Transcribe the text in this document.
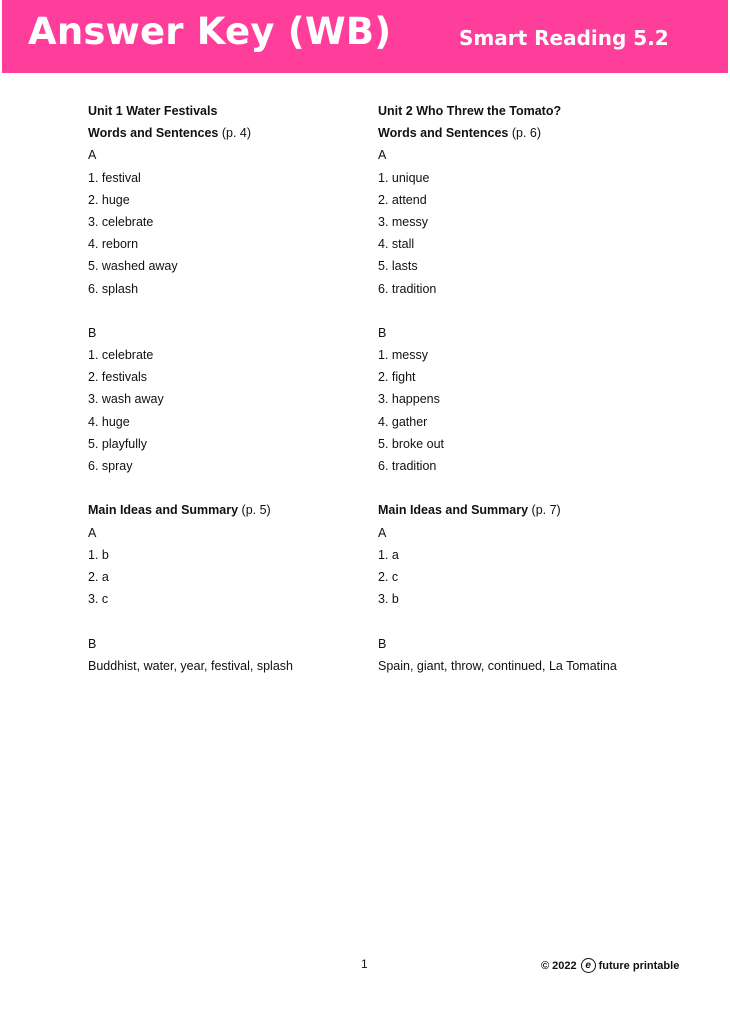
Answer Key (WB)	Smart Reading 5.2
Unit 1 Water Festivals
Words and Sentences (p. 4)
A
1. festival
2. huge
3. celebrate
4. reborn
5. washed away
6. splash
B
1. celebrate
2. festivals
3. wash away
4. huge
5. playfully
6. spray
Main Ideas and Summary (p. 5)
A
1. b
2. a
3. c
B
Buddhist, water, year, festival, splash
Unit 2 Who Threw the Tomato?
Words and Sentences (p. 6)
A
1. unique
2. attend
3. messy
4. stall
5. lasts
6. tradition
B
1. messy
2. fight
3. happens
4. gather
5. broke out
6. tradition
Main Ideas and Summary (p. 7)
A
1. a
2. c
3. b
B
Spain, giant, throw, continued, La Tomatina
1	© 2022 e future printable
